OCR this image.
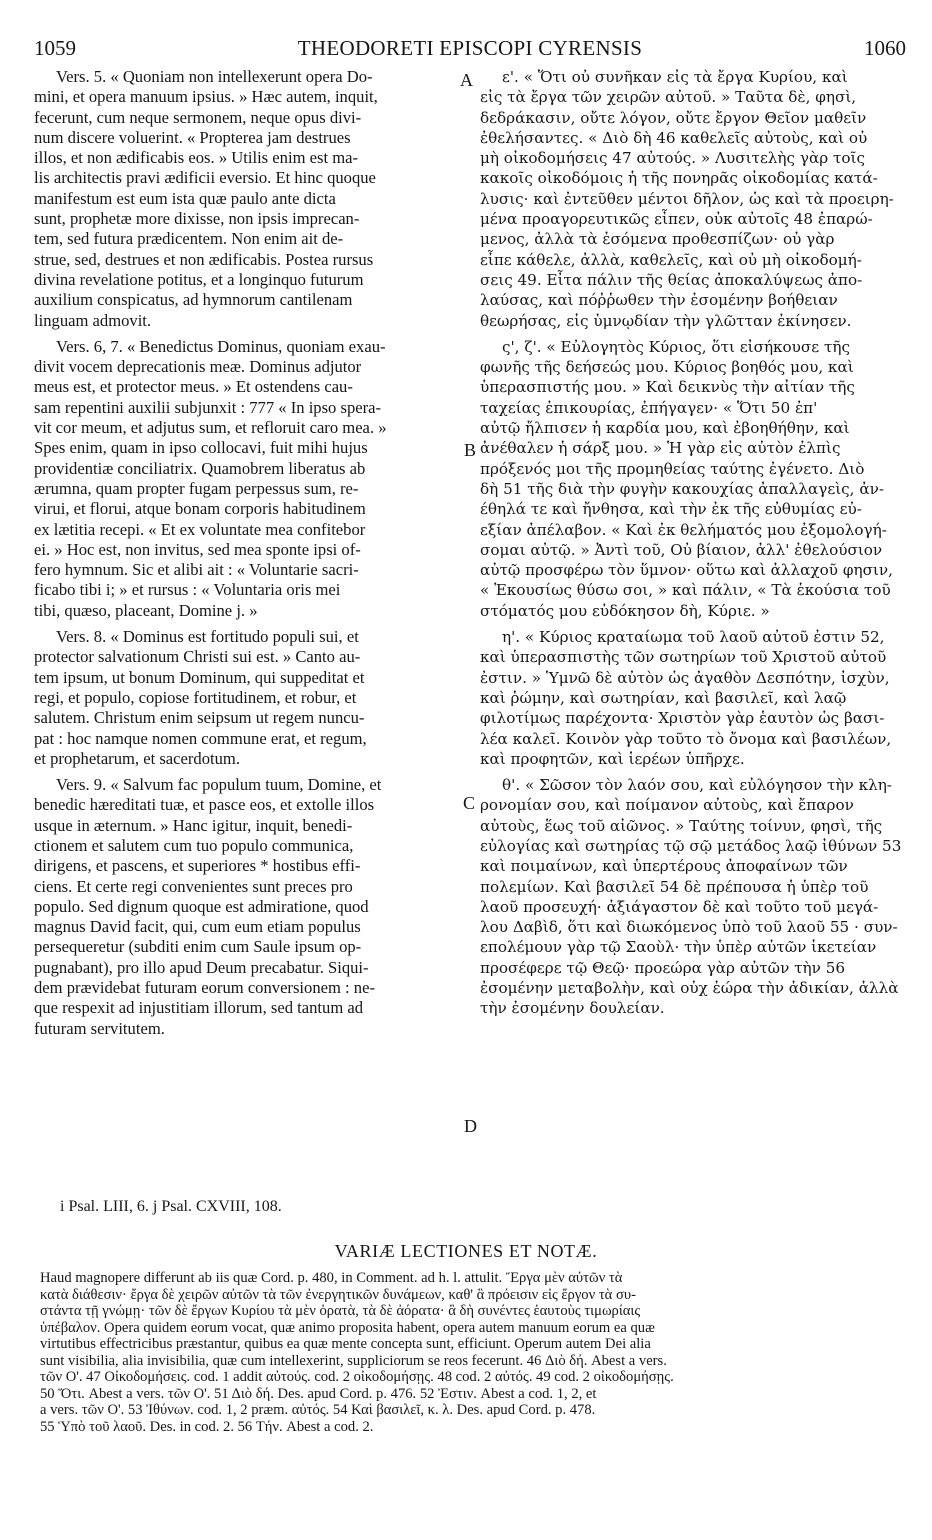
1059	THEODORETI EPISCOPI CYRENSIS	1060

Vers. 5. « Quoniam non intellexerunt opera Do-
mini, et opera manuum ipsius. » Hæc autem, inquit,
fecerunt, cum neque sermonem, neque opus divi-
num discere voluerint. « Propterea jam destrues
illos, et non ædificabis eos. » Utilis enim est ma-
lis architectis pravi ædificii eversio. Et hinc quoque
manifestum est eum ista quæ paulo ante dicta
sunt, prophetæ more dixisse, non ipsis imprecan-
tem, sed futura prædicentem. Non enim ait de-
strue, sed, destrues et non ædificabis. Postea rursus
divina revelatione potitus, et a longinquo futurum
auxilium conspicatus, ad hymnorum cantilenam
linguam admovit.

Vers. 6, 7. « Benedictus Dominus, quoniam exau-
divit vocem deprecationis meæ. Dominus adjutor
meus est, et protector meus. » Et ostendens cau-
sam repentini auxilii subjunxit : 777 « In ipso spera-
vit cor meum, et adjutus sum, et refloruit caro mea. »
Spes enim, quam in ipso collocavi, fuit mihi hujus
providentiæ conciliatrix. Quamobrem liberatus ab
ærumna, quam propter fugam perpessus sum, re-
virui, et florui, atque bonam corporis habitudinem
ex lætitia recepi. « Et ex voluntate mea confitebor
ei. » Hoc est, non invitus, sed mea sponte ipsi of-
fero hymnum. Sic et alibi ait : « Voluntarie sacri-
ficabo tibi i; » et rursus : « Voluntaria oris mei
tibi, quæso, placeant, Domine j. »

Vers. 8. « Dominus est fortitudo populi sui, et
protector salvationum Christi sui est. » Canto au-
tem ipsum, ut bonum Dominum, qui suppeditat et
regi, et populo, copiose fortitudinem, et robur, et
salutem. Christum enim seipsum ut regem nuncu-
pat : hoc namque nomen commune erat, et regum,
et prophetarum, et sacerdotum.

Vers. 9. « Salvum fac populum tuum, Domine, et
benedic hæreditati tuæ, et pasce eos, et extolle illos
usque in æternum. » Hanc igitur, inquit, benedi-
ctionem et salutem cum tuo populo communica,
dirigens, et pascens, et superiores * hostibus effi-
ciens. Et certe regi convenientes sunt preces pro
populo. Sed dignum quoque est admiratione, quod
magnus David facit, qui, cum eum etiam populus
persequeretur (subditi enim cum Saule ipsum op-
pugnabant), pro illo apud Deum precabatur. Siqui-
dem prævidebat futuram eorum conversionem : ne-
que respexit ad injustitiam illorum, sed tantum ad
futuram servitutem.

ε'. « Ὅτι οὐ συνῆκαν εἰς τὰ ἔργα Κυρίου, καὶ
εἰς τὰ ἔργα τῶν χειρῶν αὐτοῦ. » Ταῦτα δὲ, φησὶ,
δεδράκασιν, οὔτε λόγον, οὔτε ἔργον Θεῖον μαθεῖν
ἐθελήσαντες. « Διὸ δὴ 46 καθελεῖς αὐτοὺς, καὶ οὐ
μὴ οἰκοδομήσεις 47 αὐτούς. » Λυσιτελὴς γὰρ τοῖς
κακοῖς οἰκοδόμοις ἡ τῆς πονηρᾶς οἰκοδομίας κατά-
λυσις· καὶ ἐντεῦθεν μέντοι δῆλον, ὡς καὶ τὰ προειρη-
μένα προαγορευτικῶς εἶπεν, οὐκ αὐτοῖς 48 ἐπαρώ-
μενος, ἀλλὰ τὰ ἐσόμενα προθεσπίζων· οὐ γὰρ
εἶπε κάθελε, ἀλλὰ, καθελεῖς, καὶ οὐ μὴ οἰκοδομή-
σεις 49. Εἶτα πάλιν τῆς θείας ἀποκαλύψεως ἀπο-
λαύσας, καὶ πόῤῥωθεν τὴν ἐσομένην βοήθειαν
θεωρήσας, εἰς ὑμνῳδίαν τὴν γλῶτταν ἐκίνησεν.

ς', ζ'. « Εὐλογητὸς Κύριος, ὅτι εἰσήκουσε τῆς
φωνῆς τῆς δεήσεώς μου. Κύριος βοηθός μου, καὶ
ὑπερασπιστής μου. » Καὶ δεικνὺς τὴν αἰτίαν τῆς
ταχείας ἐπικουρίας, ἐπήγαγεν· « Ὅτι 50 ἐπ'
αὐτῷ ἤλπισεν ἡ καρδία μου, καὶ ἐβοηθήθην, καὶ
ἀνέθαλεν ἡ σάρξ μου. » Ἡ γὰρ εἰς αὐτὸν ἐλπὶς
πρόξενός μοι τῆς προμηθείας ταύτης ἐγένετο. Διὸ
δὴ 51 τῆς διὰ τὴν φυγὴν κακουχίας ἀπαλλαγεὶς, ἀν-
έθηλά τε καὶ ἤνθησα, καὶ τὴν ἐκ τῆς εὐθυμίας εὐ-
εξίαν ἀπέλαβον. « Καὶ ἐκ θελήματός μου ἐξομολογή-
σομαι αὐτῷ. » Ἀντὶ τοῦ, Οὐ βίαιον, ἀλλ' ἐθελούσιον
αὐτῷ προσφέρω τὸν ὕμνον· οὕτω καὶ ἀλλαχοῦ φησιν,
« Ἑκουσίως θύσω σοι, » καὶ πάλιν, « Τὰ ἑκούσια τοῦ
στόματός μου εὐδόκησον δὴ, Κύριε. »

η'. « Κύριος κραταίωμα τοῦ λαοῦ αὐτοῦ ἐστιν 52,
καὶ ὑπερασπιστὴς τῶν σωτηρίων τοῦ Χριστοῦ αὐτοῦ
ἐστιν. » Ὑμνῶ δὲ αὐτὸν ὡς ἀγαθὸν Δεσπότην, ἰσχὺν,
καὶ ῥώμην, καὶ σωτηρίαν, καὶ βασιλεῖ, καὶ λαῷ
φιλοτίμως παρέχοντα· Χριστὸν γὰρ ἑαυτὸν ὡς βασι-
λέα καλεῖ. Κοινὸν γὰρ τοῦτο τὸ ὄνομα καὶ βασιλέων,
καὶ προφητῶν, καὶ ἱερέων ὑπῆρχε.

θ'. « Σῶσον τὸν λαόν σου, καὶ εὐλόγησον τὴν κλη-
ρονομίαν σου, καὶ ποίμανον αὐτοὺς, καὶ ἔπαρον
αὐτοὺς, ἕως τοῦ αἰῶνος. » Ταύτης τοίνυν, φησὶ, τῆς
εὐλογίας καὶ σωτηρίας τῷ σῷ μετάδος λαῷ ἰθύνων 53
καὶ ποιμαίνων, καὶ ὑπερτέρους ἀποφαίνων τῶν
πολεμίων. Καὶ βασιλεῖ 54 δὲ πρέπουσα ἡ ὑπὲρ τοῦ
λαοῦ προσευχή· ἀξιάγαστον δὲ καὶ τοῦτο τοῦ μεγά-
λου Δαβὶδ, ὅτι καὶ διωκόμενος ὑπὸ τοῦ λαοῦ 55 · συν-
επολέμουν γὰρ τῷ Σαοὺλ· τὴν ὑπὲρ αὐτῶν ἱκετείαν
προσέφερε τῷ Θεῷ· προεώρα γὰρ αὐτῶν τὴν 56
ἐσομένην μεταβολὴν, καὶ οὐχ ἑώρα τὴν ἀδικίαν, ἀλλὰ
τὴν ἐσομένην δουλείαν.

A
B
C
D
i Psal. LIII, 6. j Psal. CXVIII, 108.
VARIÆ LECTIONES ET NOTÆ.
Haud magnopere differunt ab iis quæ Cord. p. 480, in Comment. ad h. l. attulit. Ἔργα μὲν αὐτῶν τὰ
κατὰ διάθεσιν· ἔργα δὲ χειρῶν αὐτῶν τὰ τῶν ἐνεργητικῶν δυνάμεων, καθ' ἃ πρόεισιν εἰς ἔργον τὰ συ-
στάντα τῇ γνώμῃ· τῶν δὲ ἔργων Κυρίου τὰ μὲν ὁρατὰ, τὰ δὲ ἀόρατα· ἃ δὴ συνέντες ἑαυτοὺς τιμωρίαις
ὑπέβαλον. Opera quidem eorum vocat, quæ animo proposita habent, opera autem manuum eorum ea quæ
virtutibus effectricibus præstantur, quibus ea quæ mente concepta sunt, efficiunt. Operum autem Dei alia
sunt visibilia, alia invisibilia, quæ cum intellexerint, suppliciorum se reos fecerunt. 46 Διὸ δή. Abest a vers.
τῶν Ο'. 47 Οἰκοδομήσεις. cod. 1 addit αὐτούς. cod. 2 οἰκοδομήσῃς. 48 cod. 2 αὐτός. 49 cod. 2 οἰκοδομήσῃς.
50 Ὅτι. Abest a vers. τῶν Ο'. 51 Διὸ δή. Des. apud Cord. p. 476. 52 Ἐστιν. Abest a cod. 1, 2, et
a vers. τῶν Ο'. 53 Ἰθύνων. cod. 1, 2 præm. αὐτός. 54 Καὶ βασιλεῖ, κ. λ. Des. apud Cord. p. 478.
55 Ὑπὸ τοῦ λαοῦ. Des. in cod. 2. 56 Τήν. Abest a cod. 2.
